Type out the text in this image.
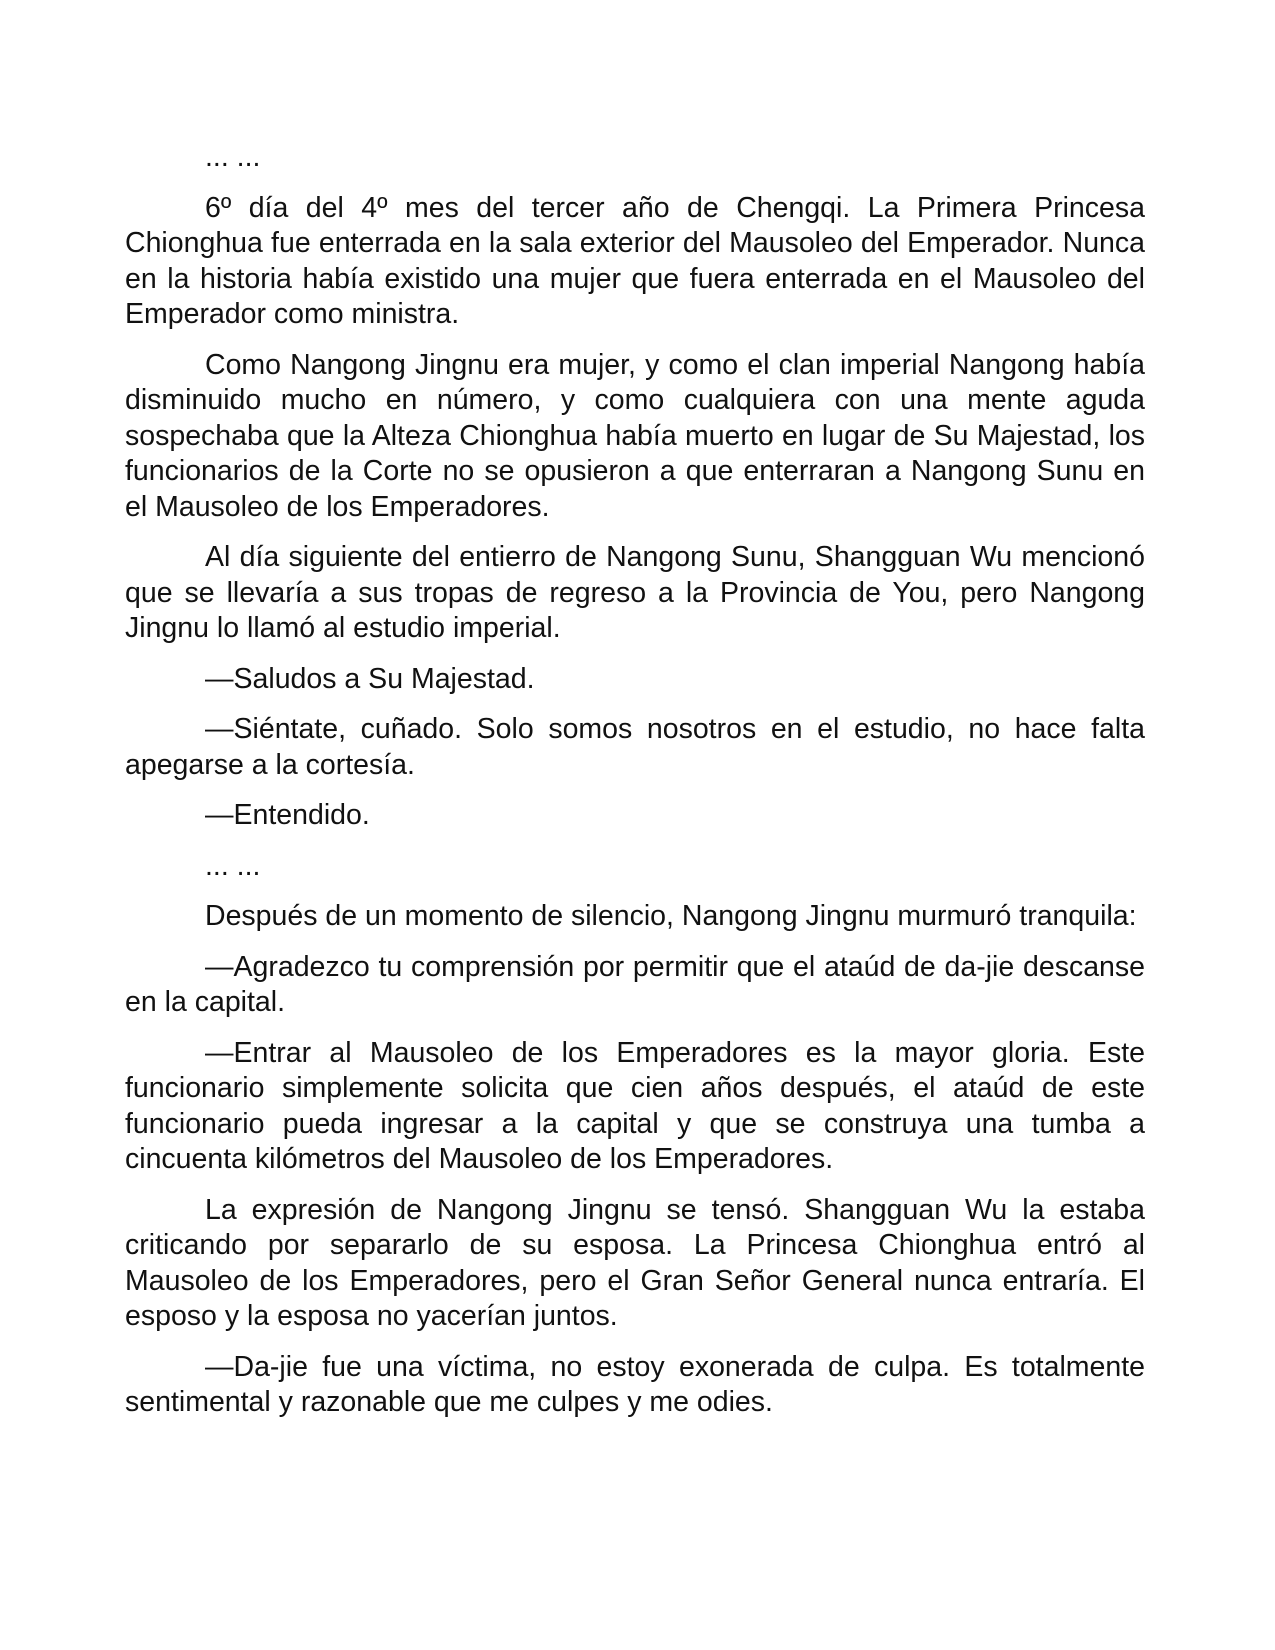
... ...

6º día del 4º mes del tercer año de Chengqi. La Primera Princesa Chionghua fue enterrada en la sala exterior del Mausoleo del Emperador. Nunca en la historia había existido una mujer que fuera enterrada en el Mausoleo del Emperador como ministra.

Como Nangong Jingnu era mujer, y como el clan imperial Nangong había disminuido mucho en número, y como cualquiera con una mente aguda sospechaba que la Alteza Chionghua había muerto en lugar de Su Majestad, los funcionarios de la Corte no se opusieron a que enterraran a Nangong Sunu en el Mausoleo de los Emperadores.

Al día siguiente del entierro de Nangong Sunu, Shangguan Wu mencionó que se llevaría a sus tropas de regreso a la Provincia de You, pero Nangong Jingnu lo llamó al estudio imperial.

—Saludos a Su Majestad.

—Siéntate, cuñado. Solo somos nosotros en el estudio, no hace falta apegarse a la cortesía.

—Entendido.

... ...

Después de un momento de silencio, Nangong Jingnu murmuró tranquila:

—Agradezco tu comprensión por permitir que el ataúd de da-jie descanse en la capital.

—Entrar al Mausoleo de los Emperadores es la mayor gloria. Este funcionario simplemente solicita que cien años después, el ataúd de este funcionario pueda ingresar a la capital y que se construya una tumba a cincuenta kilómetros del Mausoleo de los Emperadores.

La expresión de Nangong Jingnu se tensó. Shangguan Wu la estaba criticando por separarlo de su esposa. La Princesa Chionghua entró al Mausoleo de los Emperadores, pero el Gran Señor General nunca entraría. El esposo y la esposa no yacerían juntos.

—Da-jie fue una víctima, no estoy exonerada de culpa. Es totalmente sentimental y razonable que me culpes y me odies.
